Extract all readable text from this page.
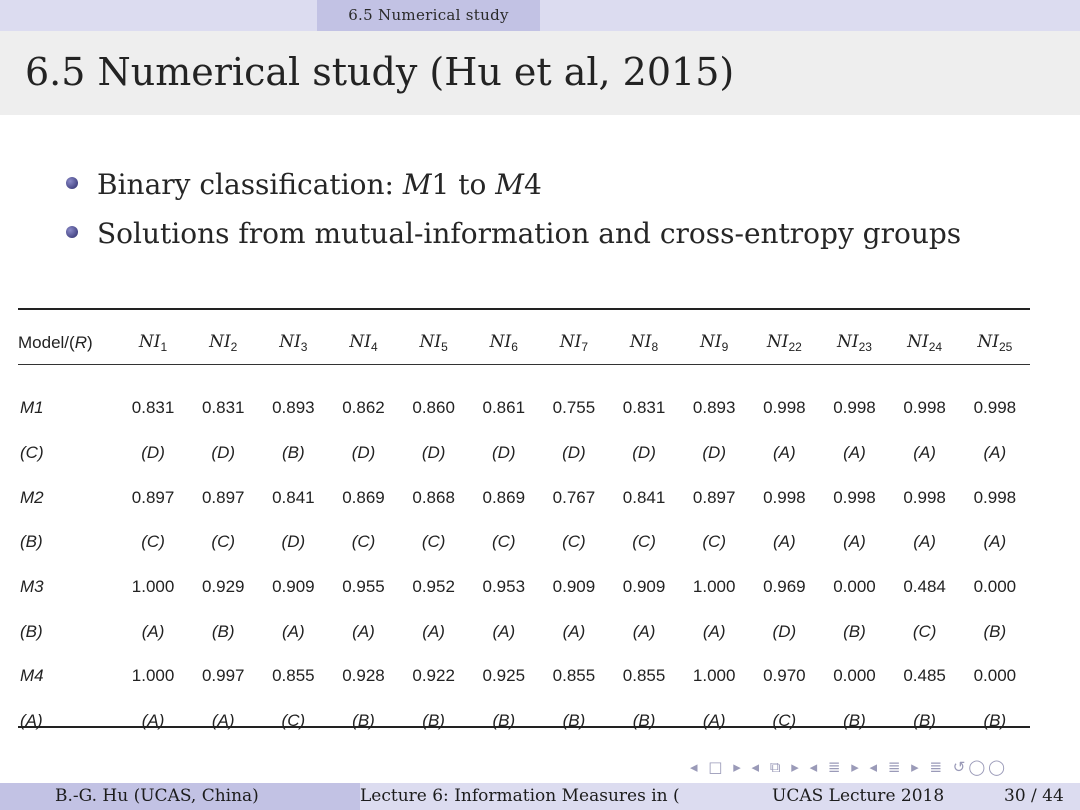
6.5 Numerical study
6.5 Numerical study (Hu et al, 2015)
Binary classification: M1 to M4
Solutions from mutual-information and cross-entropy groups
Model/(R)	$NI_1$	$NI_2$	$NI_3$	$NI_4$	$NI_5$	$NI_6$	$NI_7$	$NI_8$	$NI_9$	$NI_{22}$	$NI_{23}$	$NI_{24}$	$NI_{25}$

M1	0.831	0.831	0.893	0.862	0.860	0.861	0.755	0.831	0.893	0.998	0.998	0.998	0.998
(C)	(D)	(D)	(B)	(D)	(D)	(D)	(D)	(D)	(D)	(A)	(A)	(A)	(A)
M2	0.897	0.897	0.841	0.869	0.868	0.869	0.767	0.841	0.897	0.998	0.998	0.998	0.998
(B)	(C)	(C)	(D)	(C)	(C)	(C)	(C)	(C)	(C)	(A)	(A)	(A)	(A)
M3	1.000	0.929	0.909	0.955	0.952	0.953	0.909	0.909	1.000	0.969	0.000	0.484	0.000
(B)	(A)	(B)	(A)	(A)	(A)	(A)	(A)	(A)	(A)	(D)	(B)	(C)	(B)
M4	1.000	0.997	0.855	0.928	0.922	0.925	0.855	0.855	1.000	0.970	0.000	0.485	0.000
(A)	(A)	(A)	(C)	(B)	(B)	(B)	(B)	(B)	(A)	(C)	(B)	(B)	(B)
◂ □ ▸ ◂ ⧉ ▸ ◂ ≣ ▸ ◂ ≣ ▸ ≣ ↺◯◯
B.-G. Hu (UCAS, China)	Lecture 6: Information Measures in (	UCAS Lecture 2018	30 / 44
